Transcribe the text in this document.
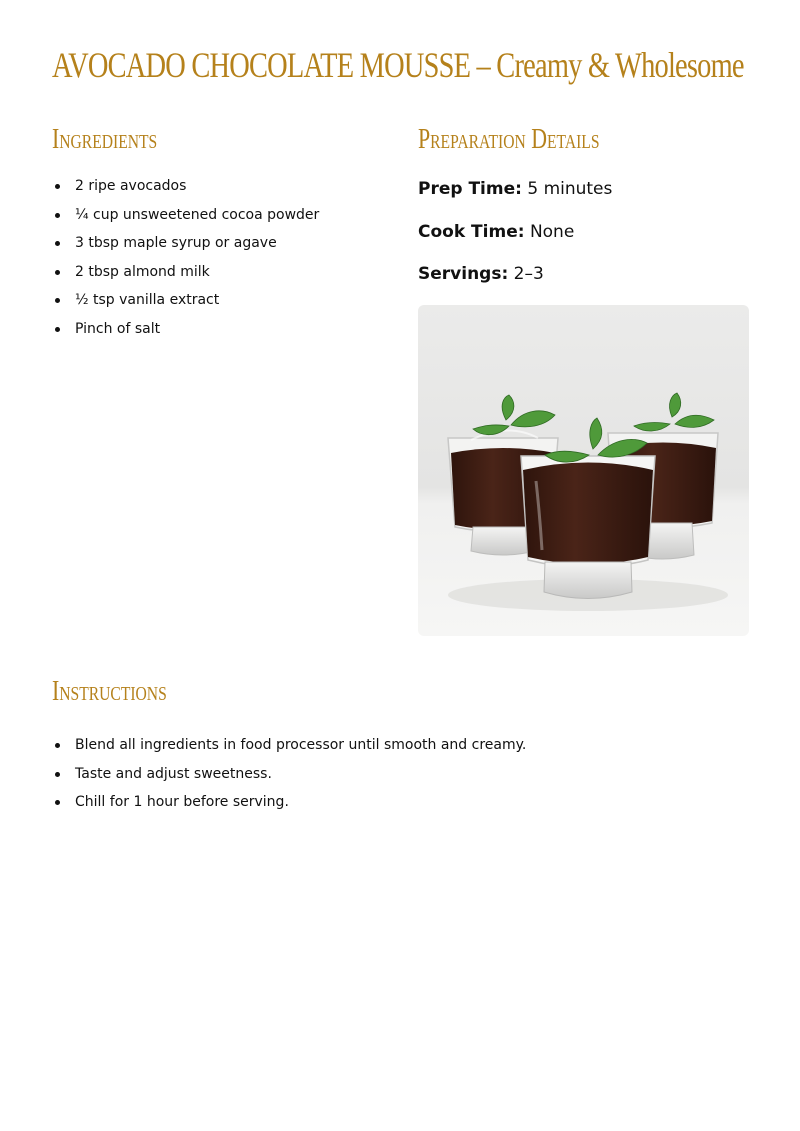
AVOCADO CHOCOLATE MOUSSE – Creamy & Wholesome
Ingredients
2 ripe avocados
¼ cup unsweetened cocoa powder
3 tbsp maple syrup or agave
2 tbsp almond milk
½ tsp vanilla extract
Pinch of salt
Preparation Details

Prep Time: 5 minutes

Cook Time: None

Servings: 2–3

Instructions
Blend all ingredients in food processor until smooth and creamy.
Taste and adjust sweetness.
Chill for 1 hour before serving.
